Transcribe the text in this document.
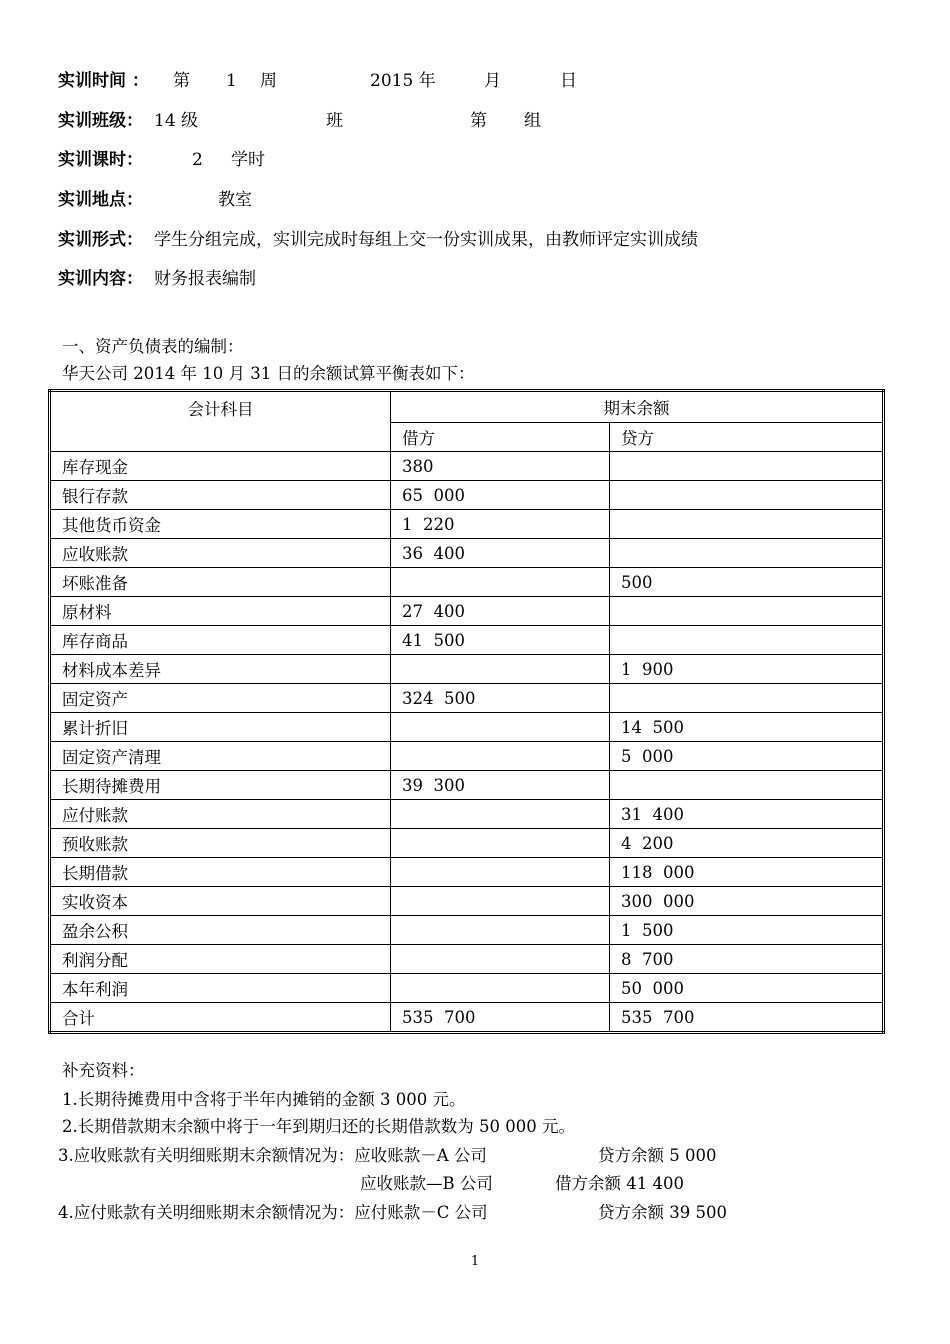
实训时间 ： 第 1 周	2015 年	月	日
实训班级： 14 级	班	第 组
实训课时：	2 学时
实训地点：	教室
实训形式： 学生分组完成，实训完成时每组上交一份实训成果，由教师评定实训成绩
实训内容： 财务报表编制
一、资产负债表的编制：
华天公司 2014 年 10 月 31 日的余额试算平衡表如下：
会计科目	期末余额	
	借方	贷方
库存现金	380	
银行存款	65  000	
其他货币资金	1  220	
应收账款	36  400	
坏账准备		500
原材料	27  400	
库存商品	41  500	
材料成本差异		1  900
固定资产	324  500	
累计折旧		14  500
固定资产清理		5  000
长期待摊费用	39  300	
应付账款		31  400
预收账款		4  200
长期借款		118  000
实收资本		300  000
盈余公积		1  500
利润分配		8  700
本年利润		50  000
合计	535  700	535  700
补充资料：
1.长期待摊费用中含将于半年内摊销的金额 3 000 元。
2.长期借款期末余额中将于一年到期归还的长期借款数为 50 000 元。
3.应收账款有关明细账期末余额情况为：应收账款－A 公司	贷方余额 5 000
应收账款—B 公司	借方余额 41 400
4.应付账款有关明细账期末余额情况为：应付账款－C 公司	贷方余额 39 500
1
